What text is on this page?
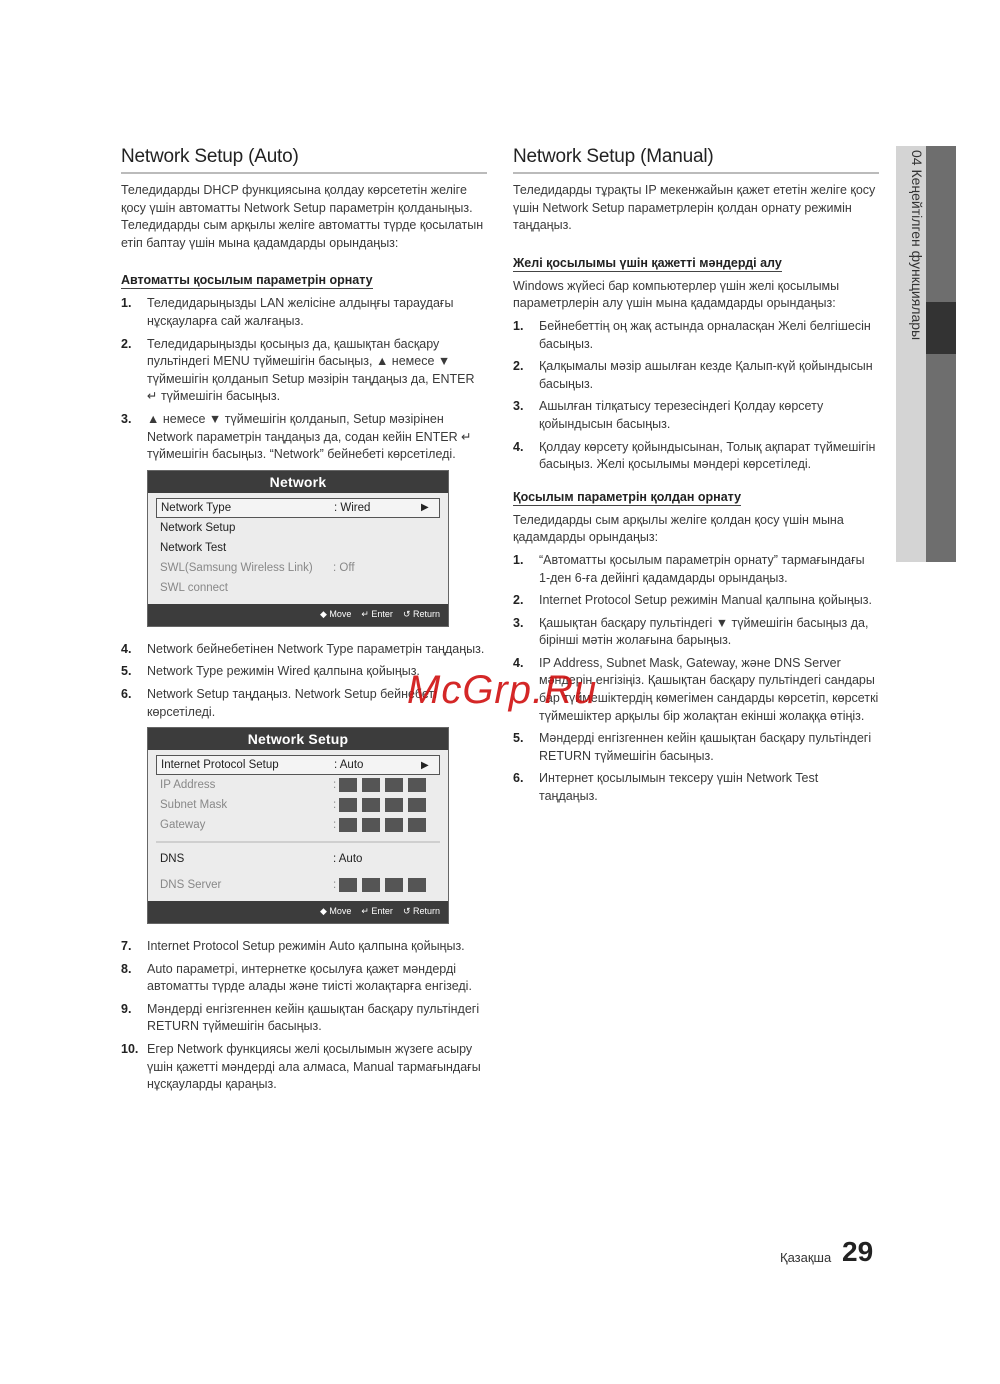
Network Setup (Auto)

Теледидарды DHCP функциясына қолдау көрсететін желіге қосу үшін автоматты Network Setup параметрін қолданыңыз. Теледидарды сым арқылы желіге автоматты түрде қосылатын етіп баптау үшін мына қадамдарды орындаңыз:

Автоматты қосылым параметрін орнату
1. Теледидарыңызды LAN желісіне алдыңғы тараудағы нұсқауларға сай жалғаңыз.
2. Теледидарыңызды қосыңыз да, қашықтан басқару пультіндегі MENU түймешігін басыңыз, ▲ немесе ▼ түймешігін қолданып Setup мәзірін таңдаңыз да, ENTER ↵ түймешігін басыңыз.
3. ▲ немесе ▼ түймешігін қолданып, Setup мәзірінен Network параметрін таңдаңыз да, содан кейін ENTER ↵ түймешігін басыңыз. “Network” бейнебеті көрсетіледі.
Network
Network Type	: Wired	▶
Network Setup
Network Test
SWL(Samsung Wireless Link)	: Off
SWL connect
◆ Move ↵ Enter ↺ Return
4. Network бейнебетінен Network Type параметрін таңдаңыз.
5. Network Type режимін Wired қалпына қойыңыз.
6. Network Setup таңдаңыз. Network Setup бейнебеті көрсетіледі.
Network Setup
Internet Protocol Setup	: Auto	▶
IP Address	:
Subnet Mask	:
Gateway	:
DNS	: Auto
DNS Server	:
◆ Move ↵ Enter ↺ Return
7. Internet Protocol Setup режимін Auto қалпына қойыңыз.
8. Auto параметрі, интернетке қосылуға қажет мәндерді автоматты түрде алады және тиісті жолақтарға енгізеді.
9. Мәндерді енгізгеннен кейін қашықтан басқару пультіндегі RETURN түймешігін басыңыз.
10. Егер Network функциясы желі қосылымын жүзеге асыру үшін қажетті мәндерді ала алмаса, Manual тармағындағы нұсқауларды қараңыз.
Network Setup (Manual)

Теледидарды тұрақты IP мекенжайын қажет ететін желіге қосу үшін Network Setup параметрлерін қолдан орнату режимін таңдаңыз.

Желі қосылымы үшін қажетті мәндерді алу

Windows жүйесі бар компьютерлер үшін желі қосылымы параметрлерін алу үшін мына қадамдарды орындаңыз:

1. Бейнебеттің оң жақ астында орналасқан Желі белгішесін басыңыз.
2. Қалқымалы мәзір ашылған кезде Қалып-күй қойындысын басыңыз.
3. Ашылған тілқатысу терезесіндегі Қолдау көрсету қойындысын басыңыз.
4. Қолдау көрсету қойындысынан, Толық ақпарат түймешігін басыңыз. Желі қосылымы мәндері көрсетіледі.
Қосылым параметрін қолдан орнату

Теледидарды сым арқылы желіге қолдан қосу үшін мына қадамдарды орындаңыз:

1. “Автоматты қосылым параметрін орнату” тармағындағы 1-ден 6-ға дейінгі қадамдарды орындаңыз.
2. Internet Protocol Setup режимін Manual қалпына қойыңыз.
3. Қашықтан басқару пультіндегі ▼ түймешігін басыңыз да, бірінші мәтін жолағына барыңыз.
4. IP Address, Subnet Mask, Gateway, және DNS Server мәндерін енгізіңіз. Қашықтан басқару пультіндегі сандары бар түймешіктердің көмегімен сандарды көрсетіп, көрсеткі түймешіктер арқылы бір жолақтан екінші жолаққа өтіңіз.
5. Мәндерді енгізгеннен кейін қашықтан басқару пультіндегі RETURN түймешігін басыңыз.
6. Интернет қосылымын тексеру үшін Network Test таңдаңыз.
04 Кеңейтілген функциялары
McGrp.Ru
Қазақша 29
